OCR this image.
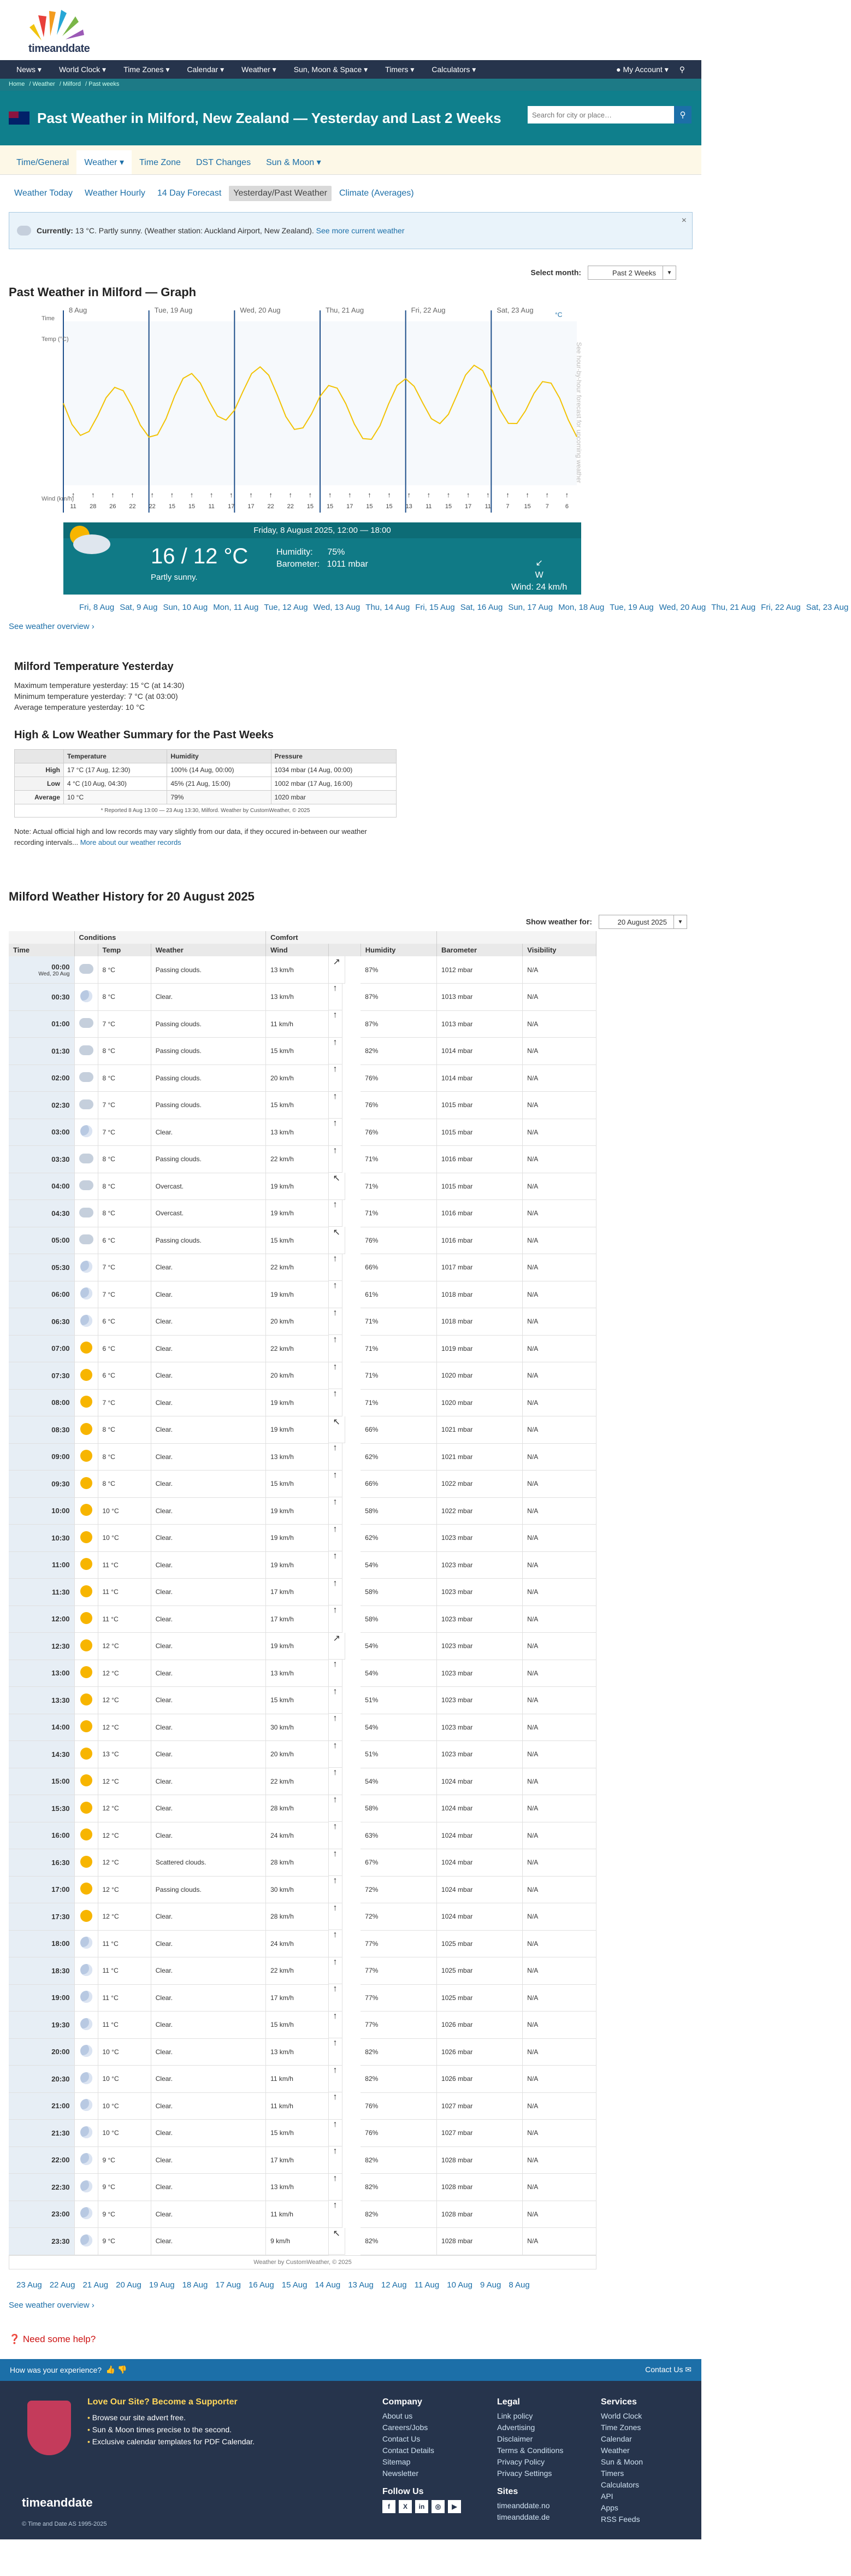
timeanddate
News ▾ World Clock ▾ Time Zones ▾ Calendar ▾ Weather ▾ Sun, Moon & Space ▾ Timers ▾ Calculators ▾	● My Account ▾ ⚲
Home / Weather / Milford / Past weeks
Past Weather in Milford, New Zealand — Yesterday and Last 2 Weeks
Search for city or place…	⚲
Time/General	Weather ▾	Time Zone	DST Changes	Sun & Moon ▾
Weather Today	Weather Hourly	14 Day Forecast	Yesterday/Past Weather	Climate (Averages)
Currently:
13 °C. Partly sunny. (Weather station: Auckland Airport, New Zealand).
See more current weather
×
Select month:	Past 2 Weeks	▼
Past Weather in Milford — Graph
Time
Temp (°C)
Wind (km/h)
°C
8 Aug	Tue, 19 Aug	Wed, 20 Aug	Thu, 21 Aug	Fri, 22 Aug	Sat, 23 Aug
11
↑
28
↑
26
↑
22
↑
22
↑
15
↑
15
↑
11
↑
17
↑
17
↑
22
↑
22
↑
15
↑
15
↑
17
↑
15
↑
15
↑
13
↑
11
↑
15
↑
17
↑
11
↑
7
↑
15
↑
7
↑
6
↑
See hour-by-hour forecast for upcoming weather
Friday, 8 August 2025, 12:00 — 18:00
16 / 12 °C
Partly sunny.
Humidity: 75%
Barometer: 1011 mbar	↙
W
Wind: 24 km/h
Fri, 8 Aug Sat, 9 Aug Sun, 10 Aug Mon, 11 Aug Tue, 12 Aug Wed, 13 Aug Thu, 14 Aug Fri, 15 Aug Sat, 16 Aug Sun, 17 Aug Mon, 18 Aug Tue, 19 Aug Wed, 20 Aug Thu, 21 Aug Fri, 22 Aug Sat, 23 Aug
See weather overview ›
Milford Temperature Yesterday

Maximum temperature yesterday: 15 °C (at 14:30)

Minimum temperature yesterday: 7 °C (at 03:00)

Average temperature yesterday: 10 °C

High & Low Weather Summary for the Past Weeks
	Temperature	Humidity	Pressure
High	17 °C (17 Aug, 12:30)	100% (14 Aug, 00:00)	1034 mbar (14 Aug, 00:00)
Low	4 °C (10 Aug, 04:30)	45% (21 Aug, 15:00)	1002 mbar (17 Aug, 16:00)
Average	10 °C	79%	1020 mbar
* Reported 8 Aug 13:00 — 23 Aug 13:30, Milford. Weather by CustomWeather, © 2025
Note: Actual official high and low records may vary slightly from our data, if they occured in-between our weather recording intervals... More about our weather records
Milford Weather History for 20 August 2025
Show weather for:	20 August 2025	▼
	Conditions			Comfort				
Time		Temp	Weather	Wind		Humidity	Barometer	Visibility
00:00
Wed, 20 Aug		8 °C	Passing clouds.	13 km/h	↗87%	1012 mbar	N/A
00:30		8 °C	Clear.	13 km/h	↑87%	1013 mbar	N/A
01:00		7 °C	Passing clouds.	11 km/h	↑87%	1013 mbar	N/A
01:30		8 °C	Passing clouds.	15 km/h	↑82%	1014 mbar	N/A
02:00		8 °C	Passing clouds.	20 km/h	↑76%	1014 mbar	N/A
02:30		7 °C	Passing clouds.	15 km/h	↑76%	1015 mbar	N/A
03:00		7 °C	Clear.	13 km/h	↑76%	1015 mbar	N/A
03:30		8 °C	Passing clouds.	22 km/h	↑71%	1016 mbar	N/A
04:00		8 °C	Overcast.	19 km/h	↖71%	1015 mbar	N/A
04:30		8 °C	Overcast.	19 km/h	↑71%	1016 mbar	N/A
05:00		6 °C	Passing clouds.	15 km/h	↖76%	1016 mbar	N/A
05:30		7 °C	Clear.	22 km/h	↑66%	1017 mbar	N/A
06:00		7 °C	Clear.	19 km/h	↑61%	1018 mbar	N/A
06:30		6 °C	Clear.	20 km/h	↑71%	1018 mbar	N/A
07:00		6 °C	Clear.	22 km/h	↑71%	1019 mbar	N/A
07:30		6 °C	Clear.	20 km/h	↑71%	1020 mbar	N/A
08:00		7 °C	Clear.	19 km/h	↑71%	1020 mbar	N/A
08:30		8 °C	Clear.	19 km/h	↖66%	1021 mbar	N/A
09:00		8 °C	Clear.	13 km/h	↑62%	1021 mbar	N/A
09:30		8 °C	Clear.	15 km/h	↑66%	1022 mbar	N/A
10:00		10 °C	Clear.	19 km/h	↑58%	1022 mbar	N/A
10:30		10 °C	Clear.	19 km/h	↑62%	1023 mbar	N/A
11:00		11 °C	Clear.	19 km/h	↑54%	1023 mbar	N/A
11:30		11 °C	Clear.	17 km/h	↑58%	1023 mbar	N/A
12:00		11 °C	Clear.	17 km/h	↑58%	1023 mbar	N/A
12:30		12 °C	Clear.	19 km/h	↗54%	1023 mbar	N/A
13:00		12 °C	Clear.	13 km/h	↑54%	1023 mbar	N/A
13:30		12 °C	Clear.	15 km/h	↑51%	1023 mbar	N/A
14:00		12 °C	Clear.	30 km/h	↑54%	1023 mbar	N/A
14:30		13 °C	Clear.	20 km/h	↑51%	1023 mbar	N/A
15:00		12 °C	Clear.	22 km/h	↑54%	1024 mbar	N/A
15:30		12 °C	Clear.	28 km/h	↑58%	1024 mbar	N/A
16:00		12 °C	Clear.	24 km/h	↑63%	1024 mbar	N/A
16:30		12 °C	Scattered clouds.	28 km/h	↑67%	1024 mbar	N/A
17:00		12 °C	Passing clouds.	30 km/h	↑72%	1024 mbar	N/A
17:30		12 °C	Clear.	28 km/h	↑72%	1024 mbar	N/A
18:00		11 °C	Clear.	24 km/h	↑77%	1025 mbar	N/A
18:30		11 °C	Clear.	22 km/h	↑77%	1025 mbar	N/A
19:00		11 °C	Clear.	17 km/h	↑77%	1025 mbar	N/A
19:30		11 °C	Clear.	15 km/h	↑77%	1026 mbar	N/A
20:00		10 °C	Clear.	13 km/h	↑82%	1026 mbar	N/A
20:30		10 °C	Clear.	11 km/h	↑82%	1026 mbar	N/A
21:00		10 °C	Clear.	11 km/h	↑76%	1027 mbar	N/A
21:30		10 °C	Clear.	15 km/h	↑76%	1027 mbar	N/A
22:00		9 °C	Clear.	17 km/h	↑82%	1028 mbar	N/A
22:30		9 °C	Clear.	13 km/h	↑82%	1028 mbar	N/A
23:00		9 °C	Clear.	11 km/h	↑82%	1028 mbar	N/A
23:30		9 °C	Clear.	9 km/h	↖82%	1028 mbar	N/A
Weather by CustomWeather, © 2025
23 Aug 22 Aug 21 Aug 20 Aug 19 Aug 18 Aug 17 Aug 16 Aug 15 Aug 14 Aug 13 Aug 12 Aug 11 Aug 10 Aug 9 Aug 8 Aug
See weather overview ›
❓ Need some help?
How was your experience?
👍
👎	Contact Us ✉
Love Our Site? Become a Supporter
• Browse our site advert free.
• Sun & Moon times precise to the second.
• Exclusive calendar templates for PDF Calendar.
Company
About us
Careers/Jobs
Contact Us
Contact Details
Sitemap
Newsletter
Follow Us
f	X	in	◎	▶
Legal
Link policy
Advertising
Disclaimer
Terms & Conditions
Privacy Policy
Privacy Settings
Sites
timeanddate.no
timeanddate.de
Services
World Clock
Time Zones
Calendar
Weather
Sun & Moon
Timers
Calculators
API
Apps
RSS Feeds
timeanddate
© Time and Date AS 1995-2025
